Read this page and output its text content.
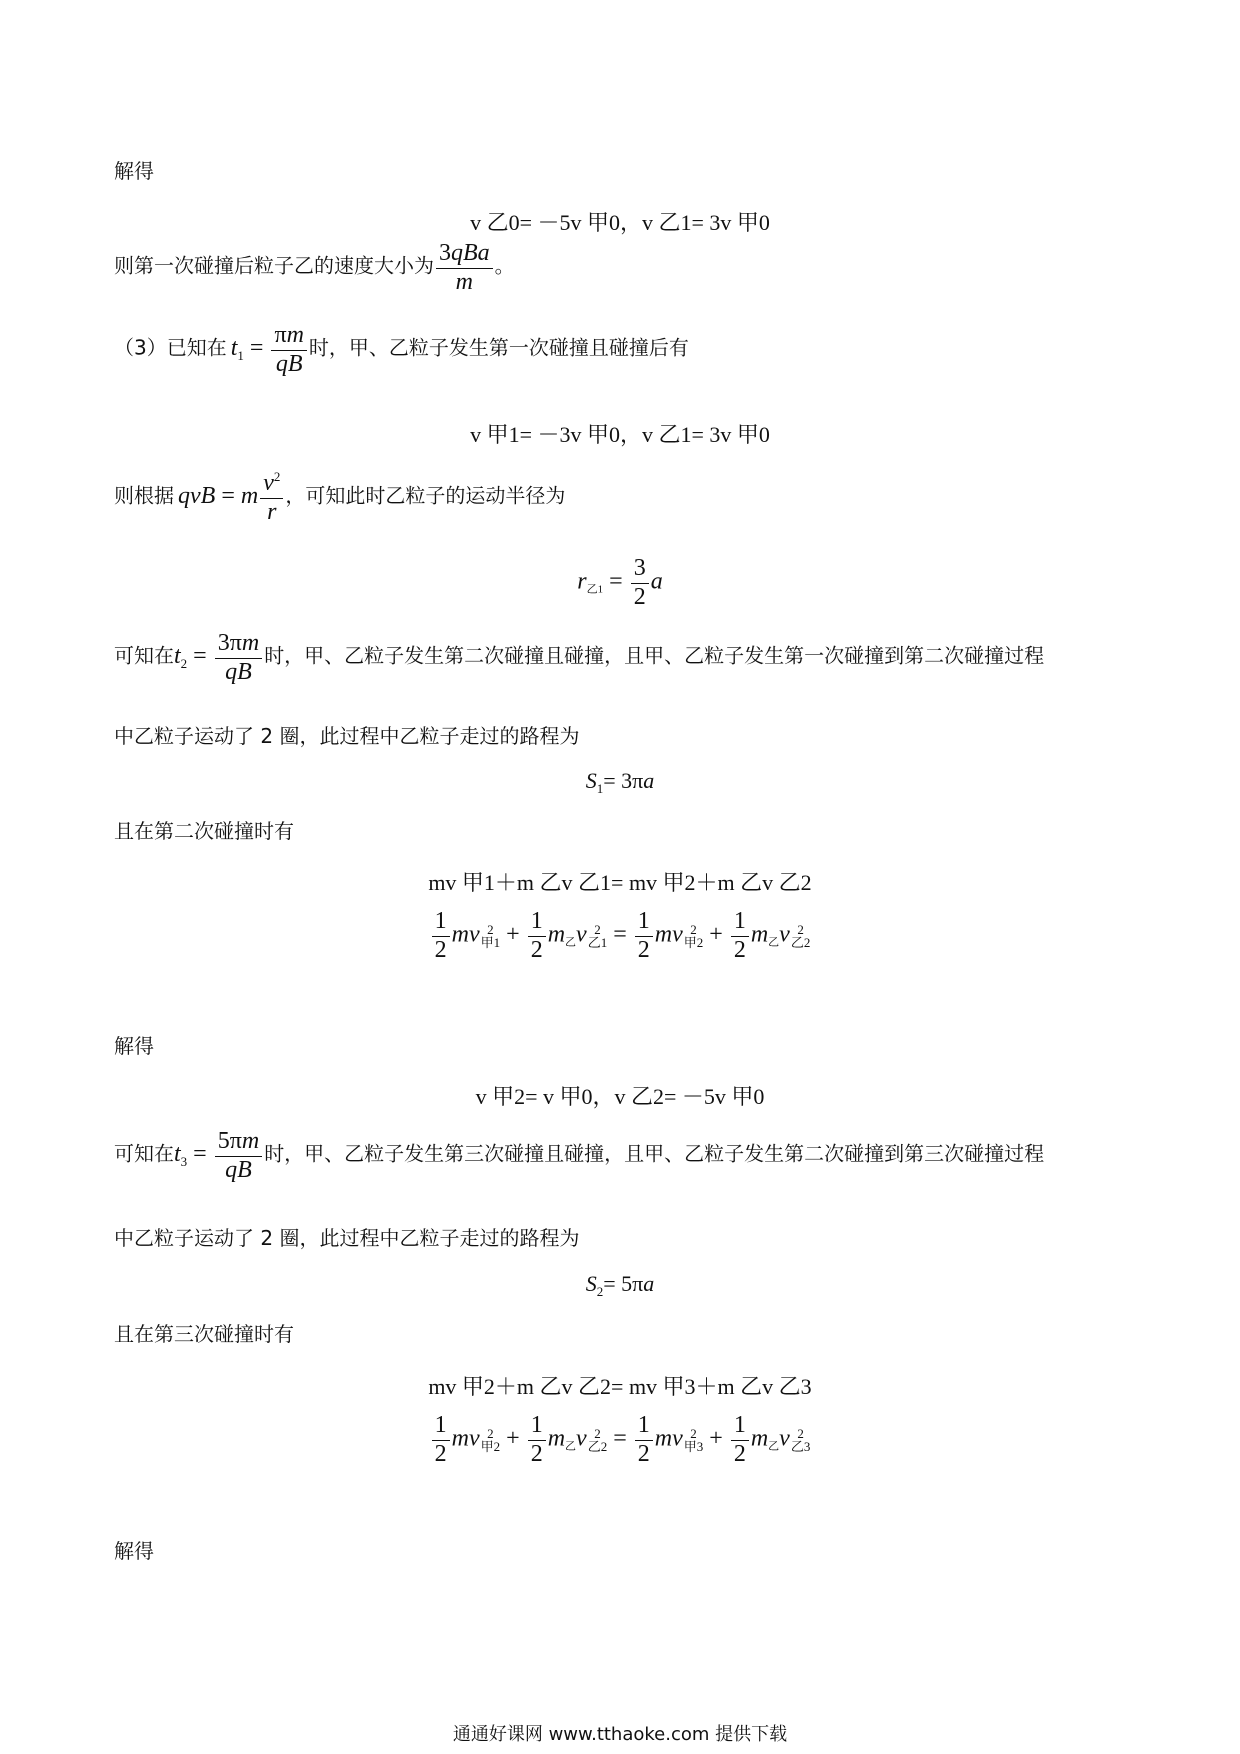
解得
v 乙0= －5v 甲0，v 乙1= 3v 甲0
则第一次碰撞后粒子乙的速度大小为 $\frac{\text{3qBa}}{m}$ 。
（3）已知在 $t_1 = \frac{\pi m}{qB}$ 时，甲、乙粒子发生第一次碰撞且碰撞后有
v 甲1= －3v 甲0，v 乙1= 3v 甲0
则根据 qvB = m $\frac{v^2}{r}$ ，可知此时乙粒子的运动半径为
r乙$1 = \frac{3}{2}$ a
可知在$t_2 = \frac{3\pi m}{qB}$ 时，甲、乙粒子发生第二次碰撞且碰撞，且甲、乙粒子发生第一次碰撞到第二次碰撞过程
中乙粒子运动了 2 圈，此过程中乙粒子走过的路程为
$S_1= 3\pi a$
且在第二次碰撞时有
mv 甲1＋m 乙v 乙1= mv 甲2＋m 乙v 乙2
$\frac{1}{2}$ mv 2
甲$1 + \frac{1}{2}$ m乙v 2
乙$1 = \frac{1}{2}$ mv 2
甲$2 + \frac{1}{2}$ m乙v 2
乙2
解得
v 甲2= v 甲0，v 乙2= －5v 甲0
可知在$t_3 = \frac{5\pi m}{qB}$ 时，甲、乙粒子发生第三次碰撞且碰撞，且甲、乙粒子发生第二次碰撞到第三次碰撞过程
中乙粒子运动了 2 圈，此过程中乙粒子走过的路程为
$S_2= 5\pi a$
且在第三次碰撞时有
mv 甲2＋m 乙v 乙2= mv 甲3＋m 乙v 乙3
$\frac{1}{2}$ mv 2
甲$2 + \frac{1}{2}$ m乙v 2
乙$2 = \frac{1}{2}$ mv 2
甲$3 + \frac{1}{2}$ m乙v 2
乙3
解得
通通好课网 www.tthaoke.com 提供下载
